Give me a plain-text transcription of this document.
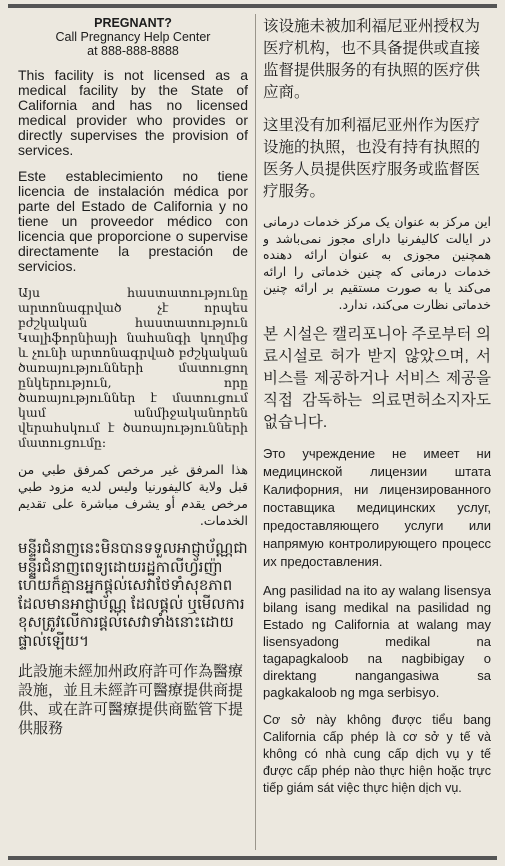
PREGNANT?
Call Pregnancy Help Center
at 888-888-8888

This facility is not licensed as a medical facility by the State of California and has no licensed medical provider who provides or directly supervises the provision of services.

Este establecimiento no tiene licencia de instalación médica por parte del Estado de California y no tiene un proveedor médico con licencia que proporcione o supervise directamente la prestación de servicios.

Այս հաստատությունը արտոնագրված չէ որպես բժշկական հաստատություն Կալիֆորնիայի նահանգի կողմից և չունի արտոնագրված բժշկական ծառայությունների մատուցող ընկերություն, որը ծառայություններ է մատուցում կամ անմիջականորեն վերահսկում է ծառայությունների մատուցումը։

هذا المرفق غير مرخص كمرفق طبي من قبل ولاية كاليفورنيا وليس لديه مزود طبي مرخص يقدم أو يشرف مباشرة على تقديم الخدمات.

មន្ទីរជំនាញនេះមិនបានទទួលអាជ្ញាប័ណ្ណជាមន្ទីរជំនាញពេទ្យដោយរដ្ឋកាលីហ្វ័រញ៉ា ហើយក៏គ្មានអ្នកផ្តល់សេវាថែទាំសុខភាពដែលមានអាជ្ញាប័ណ្ណ ដែលផ្តល់ ឬមើលការខុសត្រូវលើការផ្តល់សេវាទាំងនោះដោយផ្ទាល់ឡើយ។

此設施未經加州政府許可作為醫療設施，並且未經許可醫療提供商提供、或在許可醫療提供商監管下提供服務

该设施未被加利福尼亚州授权为医疗机构，也不具备提供或直接监督提供服务的有执照的医疗供应商。

这里没有加利福尼亚州作为医疗设施的执照，也没有持有执照的医务人员提供医疗服务或监督医疗服务。

این مرکز به عنوان یک مرکز خدمات درمانی در ایالت کالیفرنیا دارای مجوز نمی‌باشد و همچنین مجوزی به عنوان ارائه دهنده خدمات درمانی که چنین خدماتی را ارائه می‌کند یا به صورت مستقیم بر ارائه چنین خدماتی نظارت می‌کند، ندارد.

본 시설은 캘리포니아 주로부터 의료시설로 허가 받지 않았으며, 서비스를 제공하거나 서비스 제공을 직접 감독하는 의료면허소지자도 없습니다.

Это учреждение не имеет ни медицинской лицензии штата Калифорния, ни лицензированного поставщика медицинских услуг, предоставляющего услуги или напрямую контролирующего процесс их предоставления.

Ang pasilidad na ito ay walang lisensya bilang isang medikal na pasilidad ng Estado ng California at walang may lisensyadong medikal na tagapagkaloob na nagbibigay o direktang nangangasiwa sa pagkakaloob ng mga serbisyo.

Cơ sở này không được tiểu bang California cấp phép là cơ sở y tế và không có nhà cung cấp dịch vụ y tế được cấp phép nào thực hiện hoặc trực tiếp giám sát việc thực hiện dịch vụ.
